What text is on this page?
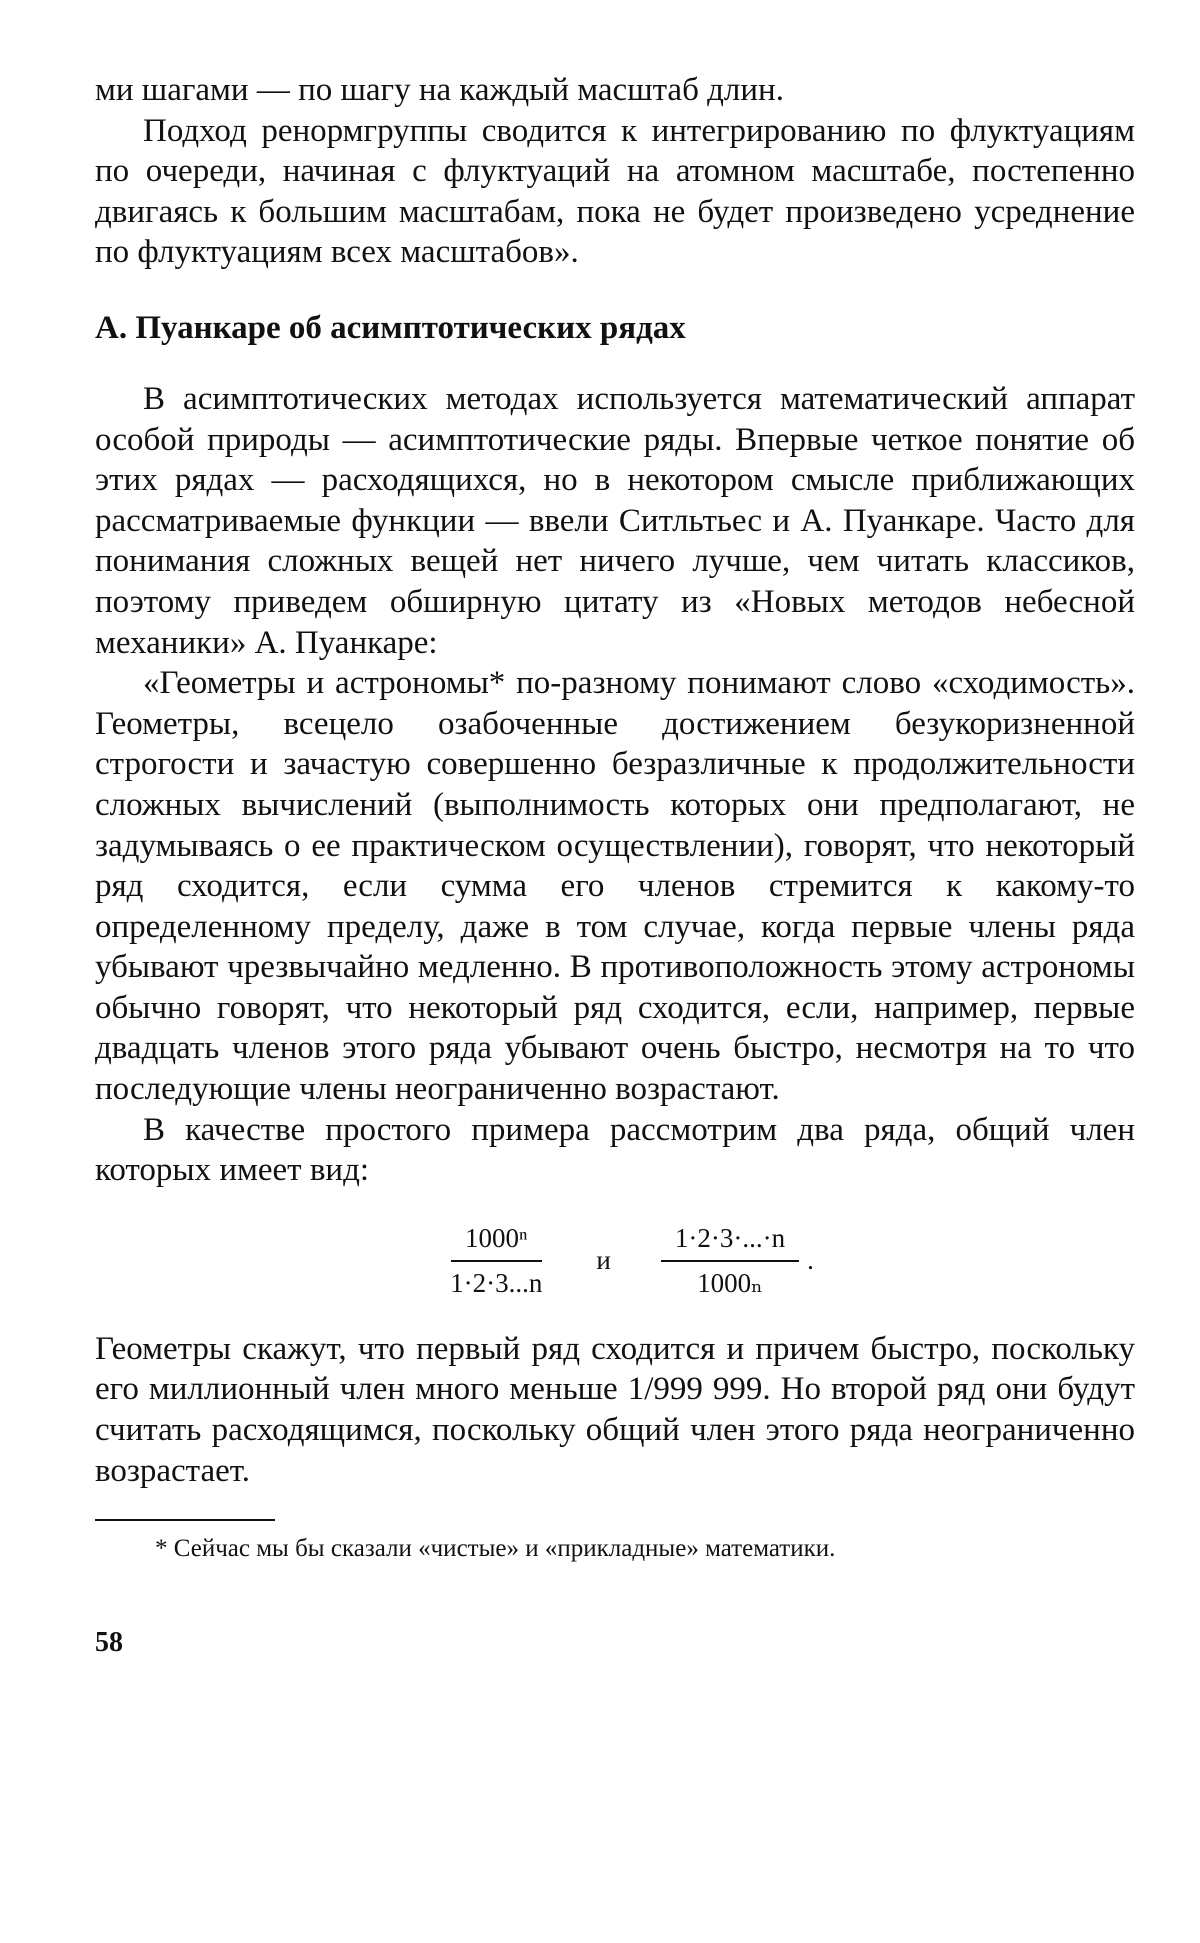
ми шагами — по шагу на каждый масштаб длин.

Подход ренормгруппы сводится к интегрированию по флуктуациям по очереди, начиная с флуктуаций на атомном масштабе, постепенно двигаясь к большим масштабам, пока не будет произведено усреднение по флуктуациям всех масштабов».

А. Пуанкаре об асимптотических рядах

В асимптотических методах используется математический аппарат особой природы — асимптотические ряды. Впервые четкое понятие об этих рядах — расходящихся, но в некотором смысле приближающих рассматриваемые функции — ввели Ситльтьес и А. Пуанкаре. Часто для понимания сложных вещей нет ничего лучше, чем читать классиков, поэтому приведем обширную цитату из «Новых методов небесной механики» А. Пуанкаре:

«Геометры и астрономы* по-разному понимают слово «сходимость». Геометры, всецело озабоченные достижением безукоризненной строгости и зачастую совершенно безразличные к продолжительности сложных вычислений (выполнимость которых они предполагают, не задумываясь о ее практическом осуществлении), говорят, что некоторый ряд сходится, если сумма его членов стремится к какому-то определенному пределу, даже в том случае, когда первые члены ряда убывают чрезвычайно медленно. В противоположность этому астрономы обычно говорят, что некоторый ряд сходится, если, например, первые двадцать членов этого ряда убывают очень быстро, несмотря на то что последующие члены неограниченно возрастают.

В качестве простого примера рассмотрим два ряда, общий член которых имеет вид:

$\frac{\text{1000ⁿ}}{1\cdot 2\cdot 3...n}$ и $\frac{1\cdot 2\cdot 3\cdot...\cdot n}{\text{1000ₙ}}$ .

Геометры скажут, что первый ряд сходится и причем быстро, поскольку его миллионный член много меньше 1/999 999. Но второй ряд они будут считать расходящимся, поскольку общий член этого ряда неограниченно возрастает.

* Сейчас мы бы сказали «чистые» и «прикладные» математики.
58
